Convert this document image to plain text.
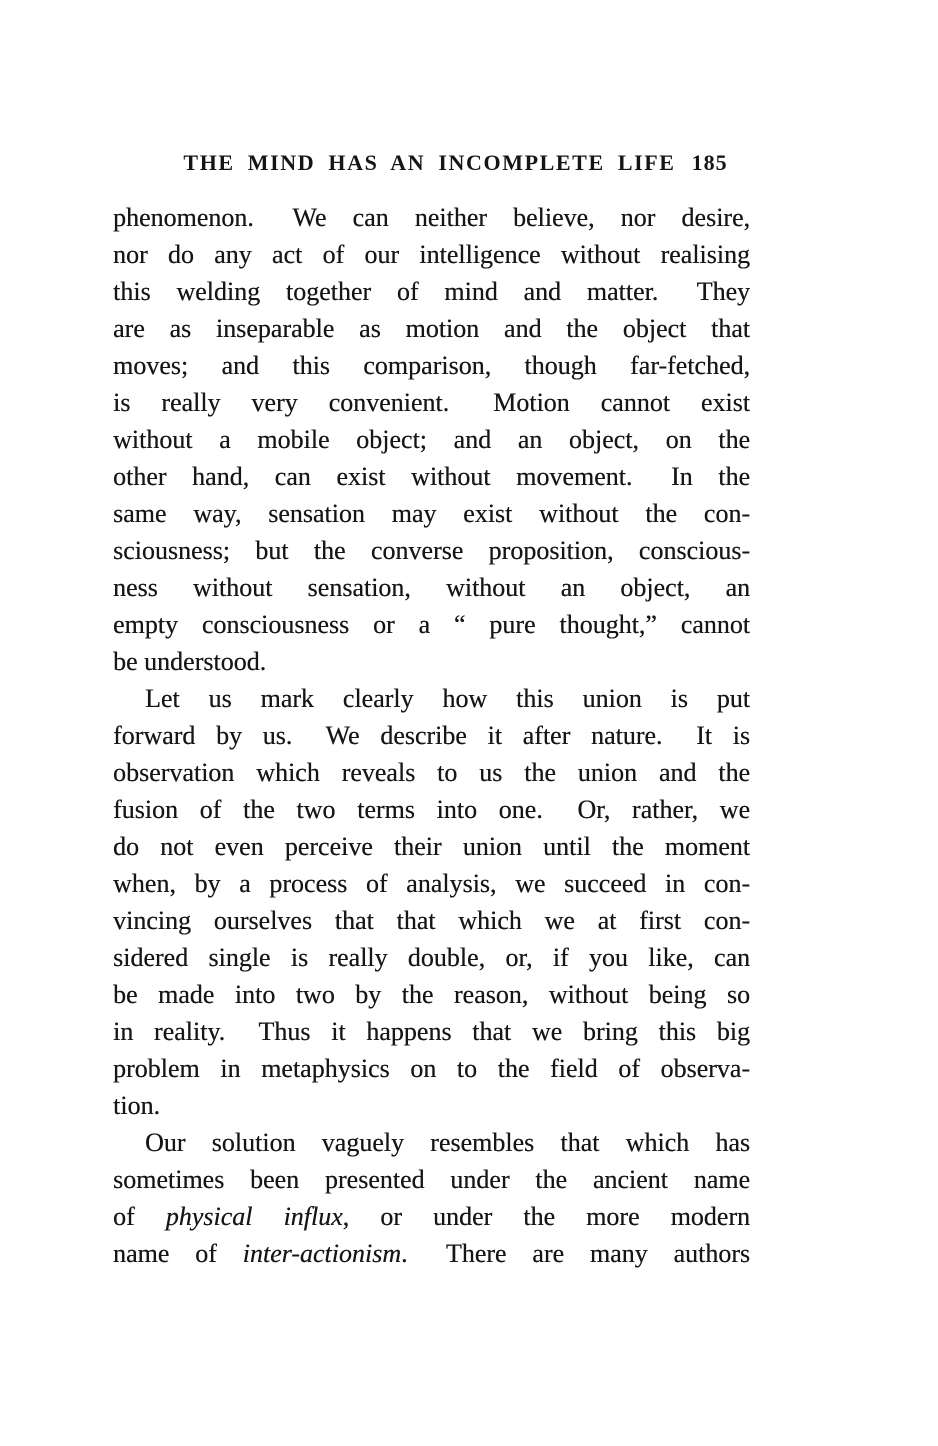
THE MIND HAS AN INCOMPLETE LIFE 185
phenomenon.  We can neither believe, nor desire,
nor do any act of our intelligence without realising
this welding together of mind and matter.  They
are as inseparable as motion and the object that
moves; and this comparison, though far-fetched,
is really very convenient.  Motion cannot exist
without a mobile object; and an object, on the
other hand, can exist without movement.  In the
same way, sensation may exist without the con-
sciousness; but the converse proposition, conscious-
ness without sensation, without an object, an
empty consciousness or a “ pure thought,” cannot
be understood.
Let us mark clearly how this union is put
forward by us.  We describe it after nature.  It is
observation which reveals to us the union and the
fusion of the two terms into one.  Or, rather, we
do not even perceive their union until the moment
when, by a process of analysis, we succeed in con-
vincing ourselves that that which we at first con-
sidered single is really double, or, if you like, can
be made into two by the reason, without being so
in reality.  Thus it happens that we bring this big
problem in metaphysics on to the field of observa-
tion.
Our solution vaguely resembles that which has
sometimes been presented under the ancient name
of physical influx, or under the more modern
name of inter-actionism.  There are many authors
